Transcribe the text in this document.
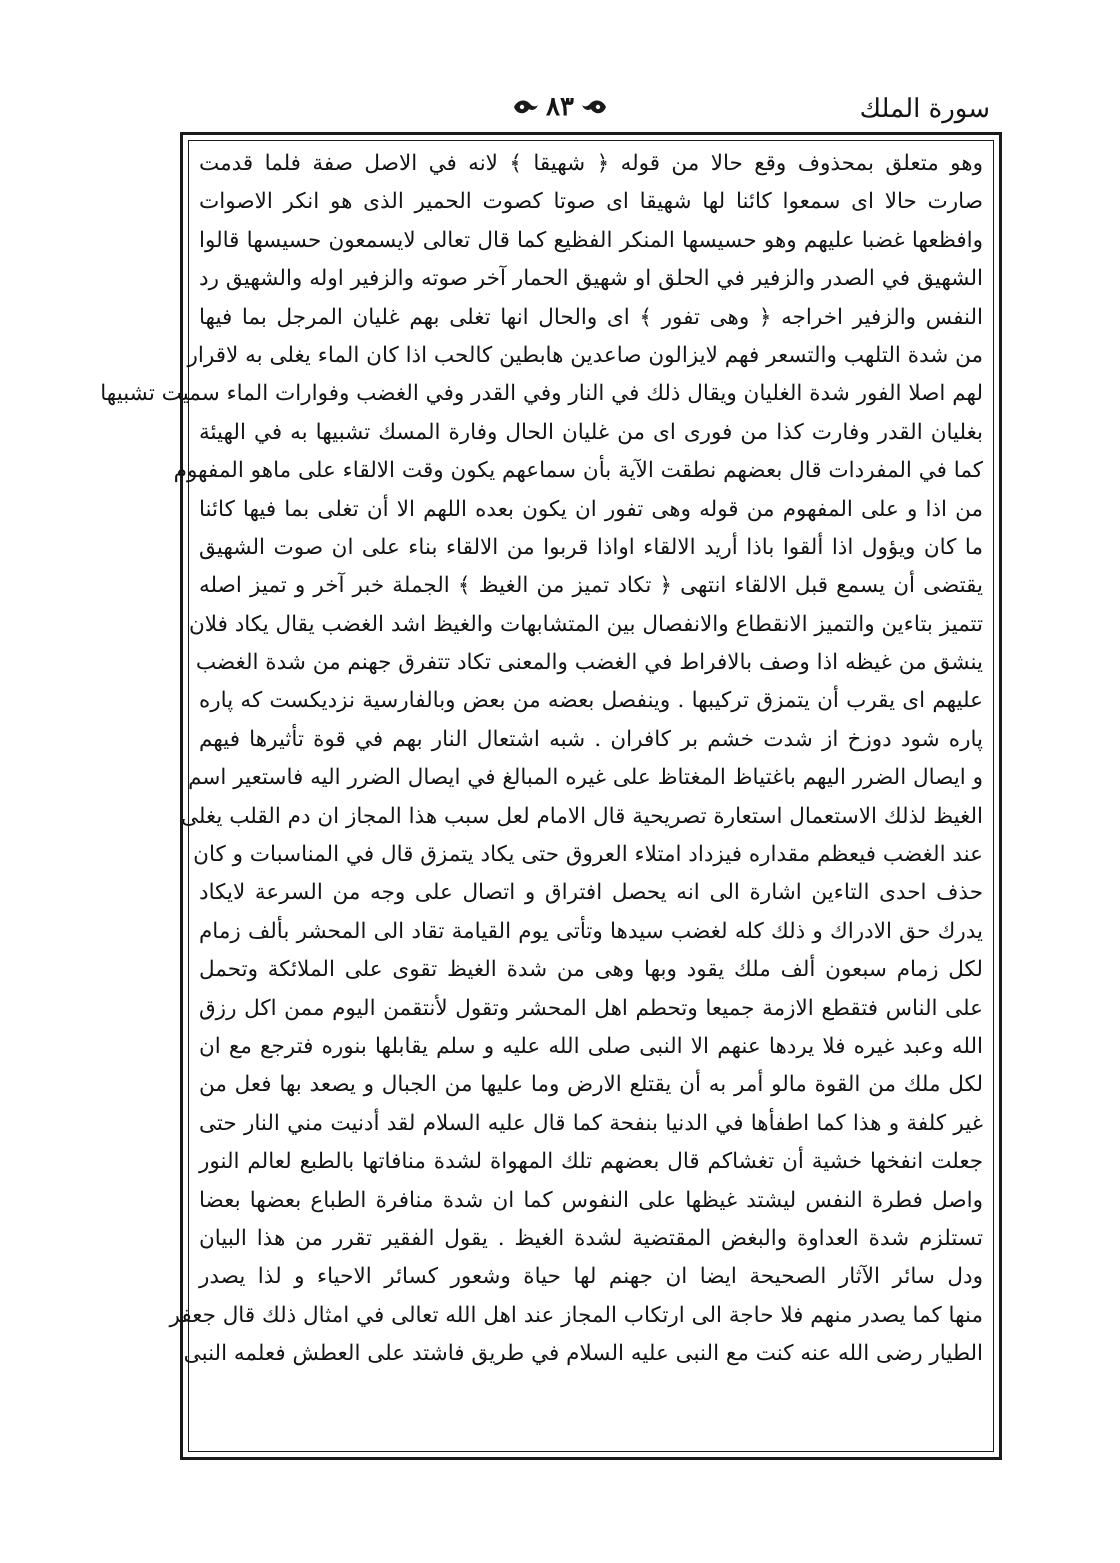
سورة الملك
٨٣
وهو متعلق بمحذوف وقع حالا من قوله ﴿ شهيقا ﴾ لانه في الاصل صفة فلما قدمت
صارت حالا اى سمعوا كائنا لها شهيقا اى صوتا كصوت الحمير الذى هو انكر الاصوات
وافظعها غضبا عليهم وهو حسيسها المنكر الفظيع كما قال تعالى لايسمعون حسيسها قالوا
الشهيق في الصدر والزفير في الحلق او شهيق الحمار آخر صوته والزفير اوله والشهيق رد
النفس والزفير اخراجه ﴿ وهى تفور ﴾ اى والحال انها تغلى بهم غليان المرجل بما فيها
من شدة التلهب والتسعر فهم لايزالون صاعدين هابطين كالحب اذا كان الماء يغلى به لاقرار
لهم اصلا الفور شدة الغليان ويقال ذلك في النار وفي القدر وفي الغضب وفوارات الماء سميت تشبيها
بغليان القدر وفارت كذا من فورى اى من غليان الحال وفارة المسك تشبيها به في الهيئة
كما في المفردات قال بعضهم نطقت الآية بأن سماعهم يكون وقت الالقاء على ماهو المفهوم
من اذا و على المفهوم من قوله وهى تفور ان يكون بعده اللهم الا أن تغلى بما فيها كائنا
ما كان ويؤول اذا ألقوا باذا أريد الالقاء اواذا قربوا من الالقاء بناء على ان صوت الشهيق
يقتضى أن يسمع قبل الالقاء انتهى ﴿ تكاد تميز من الغيظ ﴾ الجملة خبر آخر و تميز اصله
تتميز بتاءين والتميز الانقطاع والانفصال بين المتشابهات والغيظ اشد الغضب يقال يكاد فلان
ينشق من غيظه اذا وصف بالافراط في الغضب والمعنى تكاد تتفرق جهنم من شدة الغضب
عليهم اى يقرب أن يتمزق تركيبها . وينفصل بعضه من بعض وبالفارسية نزديكست كه پاره
پاره شود دوزخ از شدت خشم بر كافران . شبه اشتعال النار بهم في قوة تأثيرها فيهم
و ايصال الضرر اليهم باغتياظ المغتاظ على غيره المبالغ في ايصال الضرر اليه فاستعير اسم
الغيظ لذلك الاستعمال استعارة تصريحية قال الامام لعل سبب هذا المجاز ان دم القلب يغلى
عند الغضب فيعظم مقداره فيزداد امتلاء العروق حتى يكاد يتمزق قال في المناسبات و كان
حذف احدى التاءين اشارة الى انه يحصل افتراق و اتصال على وجه من السرعة لايكاد
يدرك حق الادراك و ذلك كله لغضب سيدها وتأتى يوم القيامة تقاد الى المحشر بألف زمام
لكل زمام سبعون ألف ملك يقود وبها وهى من شدة الغيظ تقوى على الملائكة وتحمل
على الناس فتقطع الازمة جميعا وتحطم اهل المحشر وتقول لأنتقمن اليوم ممن اكل رزق
الله وعبد غيره فلا يردها عنهم الا النبى صلى الله عليه و سلم يقابلها بنوره فترجع مع ان
لكل ملك من القوة مالو أمر به أن يقتلع الارض وما عليها من الجبال و يصعد بها فعل من
غير كلفة و هذا كما اطفأها في الدنيا بنفحة كما قال عليه السلام لقد أدنيت مني النار حتى
جعلت انفخها خشية أن تغشاكم قال بعضهم تلك المهواة لشدة منافاتها بالطبع لعالم النور
واصل فطرة النفس ليشتد غيظها على النفوس كما ان شدة منافرة الطباع بعضها بعضا
تستلزم شدة العداوة والبغض المقتضية لشدة الغيظ . يقول الفقير تقرر من هذا البيان
ودل سائر الآثار الصحيحة ايضا ان جهنم لها حياة وشعور كسائر الاحياء و لذا يصدر
منها كما يصدر منهم فلا حاجة الى ارتكاب المجاز عند اهل الله تعالى في امثال ذلك قال جعفر
الطيار رضى الله عنه كنت مع النبى عليه السلام في طريق فاشتد على العطش فعلمه النبى
